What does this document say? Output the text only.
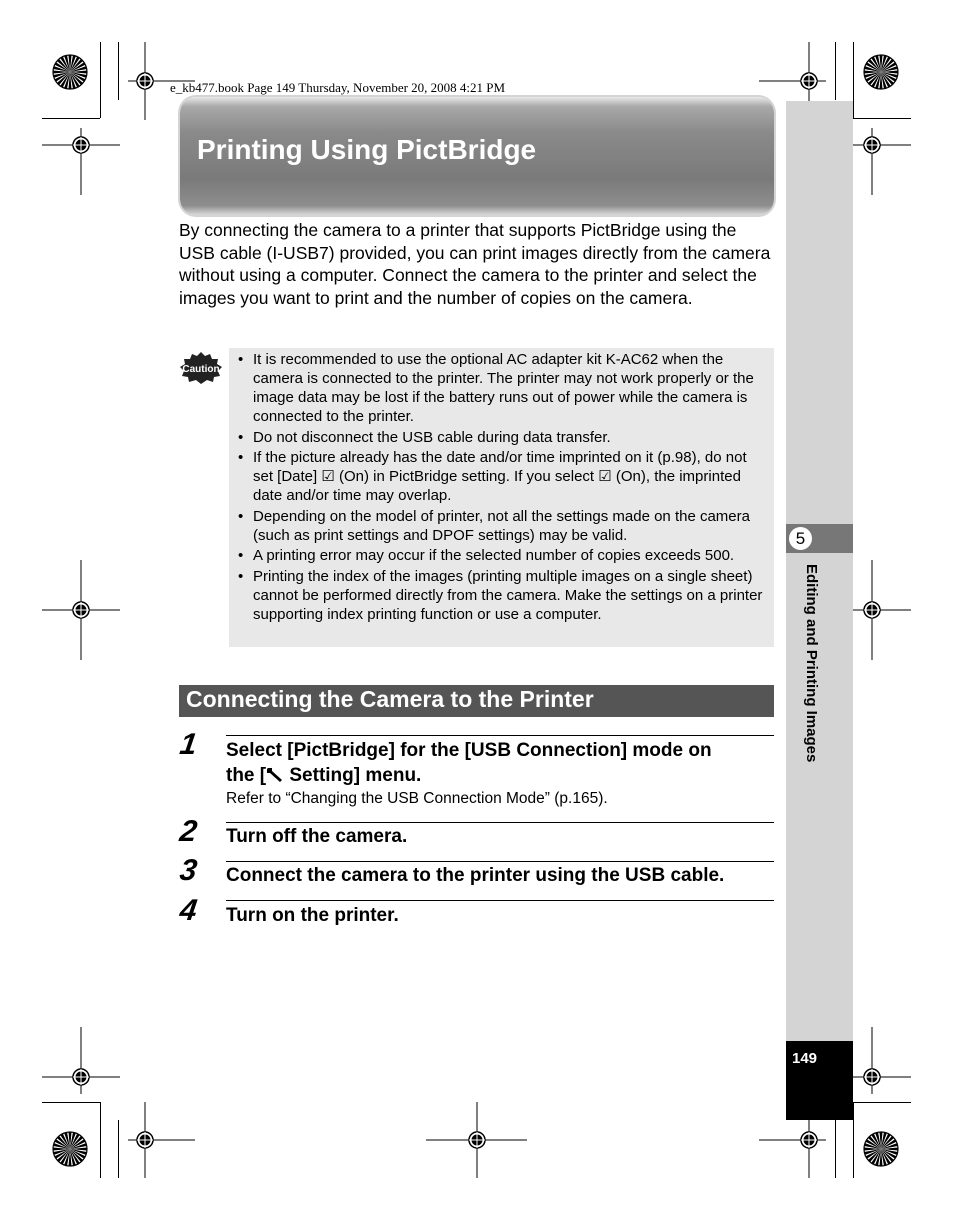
e_kb477.book Page 149 Thursday, November 20, 2008 4:21 PM
Printing Using PictBridge
By connecting the camera to a printer that supports PictBridge using the USB cable (I-USB7) provided, you can print images directly from the camera without using a computer. Connect the camera to the printer and select the images you want to print and the number of copies on the camera.
Caution
• It is recommended to use the optional AC adapter kit K-AC62 when the camera is connected to the printer. The printer may not work properly or the image data may be lost if the battery runs out of power while the camera is connected to the printer.
• Do not disconnect the USB cable during data transfer.
• If the picture already has the date and/or time imprinted on it (p.98), do not set [Date] ☑ (On) in PictBridge setting. If you select ☑ (On), the imprinted date and/or time may overlap.
• Depending on the model of printer, not all the settings made on the camera (such as print settings and DPOF settings) may be valid.
• A printing error may occur if the selected number of copies exceeds 500.
• Printing the index of the images (printing multiple images on a single sheet) cannot be performed directly from the camera. Make the settings on a printer supporting index printing function or use a computer.
Connecting the Camera to the Printer
1 Select [PictBridge] for the [USB Connection] mode on
the [ Setting] menu.
Refer to “Changing the USB Connection Mode” (p.165).
2 Turn off the camera.
3 Connect the camera to the printer using the USB cable.
4 Turn on the printer.
5
Editing and Printing Images
149
